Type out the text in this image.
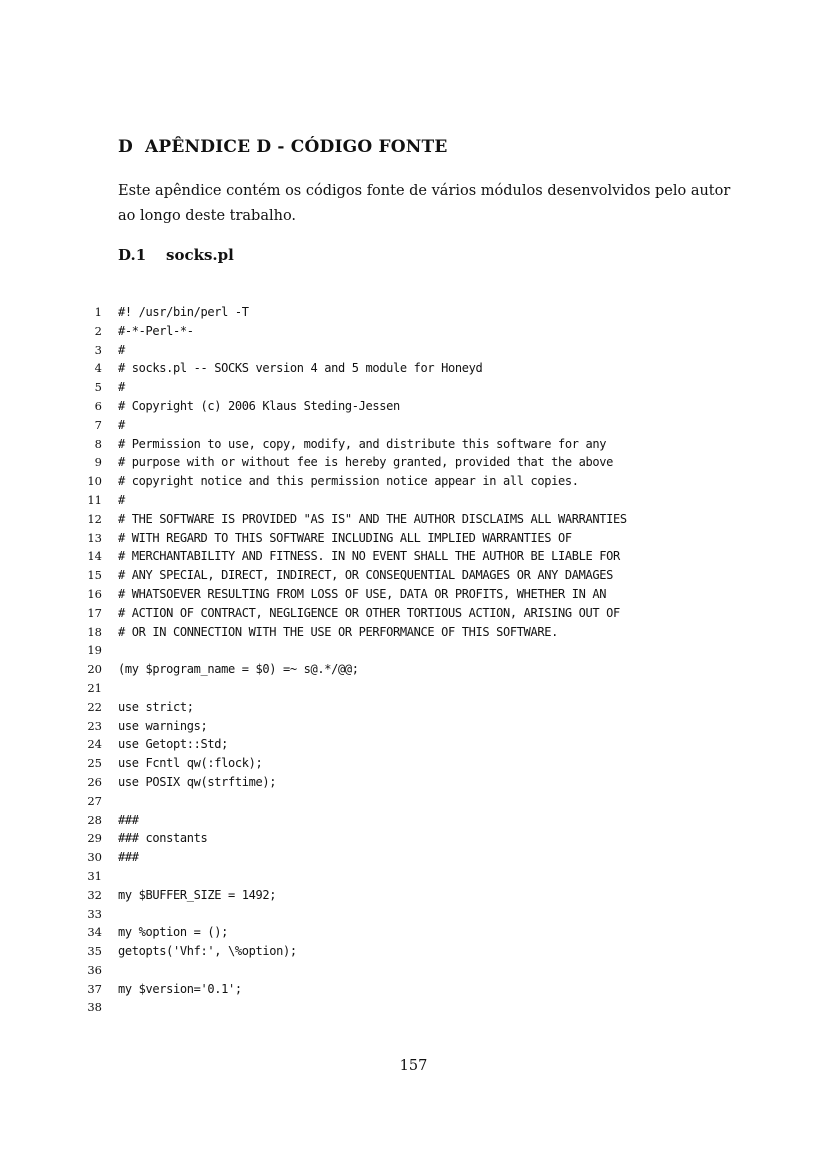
D APÊNDICE D - CÓDIGO FONTE
Este apêndice contém os códigos fonte de vários módulos desenvolvidos pelo autor
ao longo deste trabalho.
D.1 socks.pl
1 #! /usr/bin/perl -T
2 #-*-Perl-*-
3 #
4 # socks.pl -- SOCKS version 4 and 5 module for Honeyd
5 #
6 # Copyright (c) 2006 Klaus Steding-Jessen
7 #
8 # Permission to use, copy, modify, and distribute this software for any
9 # purpose with or without fee is hereby granted, provided that the above
10 # copyright notice and this permission notice appear in all copies.
11 #
12 # THE SOFTWARE IS PROVIDED "AS IS" AND THE AUTHOR DISCLAIMS ALL WARRANTIES
13 # WITH REGARD TO THIS SOFTWARE INCLUDING ALL IMPLIED WARRANTIES OF
14 # MERCHANTABILITY AND FITNESS. IN NO EVENT SHALL THE AUTHOR BE LIABLE FOR
15 # ANY SPECIAL, DIRECT, INDIRECT, OR CONSEQUENTIAL DAMAGES OR ANY DAMAGES
16 # WHATSOEVER RESULTING FROM LOSS OF USE, DATA OR PROFITS, WHETHER IN AN
17 # ACTION OF CONTRACT, NEGLIGENCE OR OTHER TORTIOUS ACTION, ARISING OUT OF
18 # OR IN CONNECTION WITH THE USE OR PERFORMANCE OF THIS SOFTWARE.
19
20 (my $program_name = $0) =~ s@.*/@@;
21
22 use strict;
23 use warnings;
24 use Getopt::Std;
25 use Fcntl qw(:flock);
26 use POSIX qw(strftime);
27
28 ###
29 ### constants
30 ###
31
32 my $BUFFER_SIZE = 1492;
33
34 my %option = ();
35 getopts('Vhf:', \%option);
36
37 my $version='0.1';
38
157
